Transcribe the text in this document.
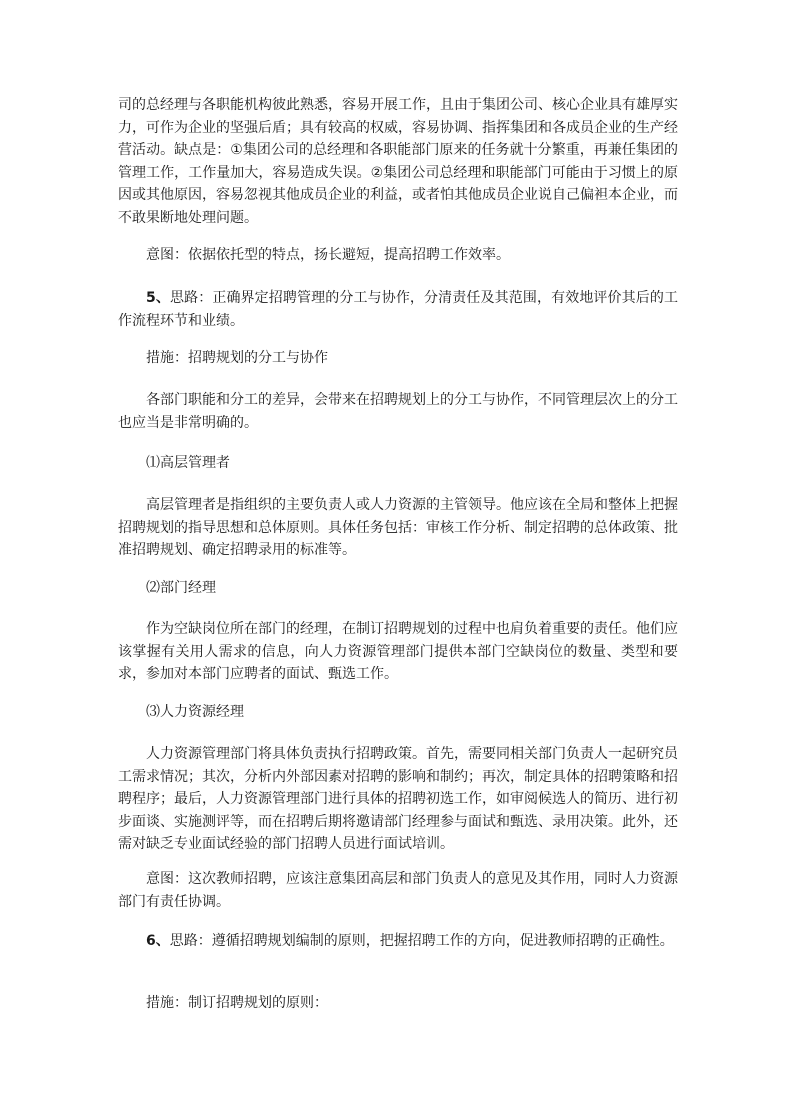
司的总经理与各职能机构彼此熟悉，容易开展工作，且由于集团公司、核心企业具有雄厚实力，可作为企业的坚强后盾；具有较高的权威，容易协调、指挥集团和各成员企业的生产经营活动。缺点是：①集团公司的总经理和各职能部门原来的任务就十分繁重，再兼任集团的管理工作，工作量加大，容易造成失误。②集团公司总经理和职能部门可能由于习惯上的原因或其他原因，容易忽视其他成员企业的利益，或者怕其他成员企业说自己偏袒本企业，而不敢果断地处理问题。

意图：依据依托型的特点，扬长避短，提高招聘工作效率。

5、思路：正确界定招聘管理的分工与协作，分清责任及其范围，有效地评价其后的工作流程环节和业绩。

措施：招聘规划的分工与协作

各部门职能和分工的差异，会带来在招聘规划上的分工与协作，不同管理层次上的分工也应当是非常明确的。

⑴高层管理者

高层管理者是指组织的主要负责人或人力资源的主管领导。他应该在全局和整体上把握招聘规划的指导思想和总体原则。具体任务包括：审核工作分析、制定招聘的总体政策、批准招聘规划、确定招聘录用的标准等。

⑵部门经理

作为空缺岗位所在部门的经理，在制订招聘规划的过程中也肩负着重要的责任。他们应该掌握有关用人需求的信息，向人力资源管理部门提供本部门空缺岗位的数量、类型和要求，参加对本部门应聘者的面试、甄选工作。

⑶人力资源经理

人力资源管理部门将具体负责执行招聘政策。首先，需要同相关部门负责人一起研究员工需求情况；其次，分析内外部因素对招聘的影响和制约；再次，制定具体的招聘策略和招聘程序；最后，人力资源管理部门进行具体的招聘初选工作，如审阅候选人的简历、进行初步面谈、实施测评等，而在招聘后期将邀请部门经理参与面试和甄选、录用决策。此外，还需对缺乏专业面试经验的部门招聘人员进行面试培训。

意图：这次教师招聘，应该注意集团高层和部门负责人的意见及其作用，同时人力资源部门有责任协调。

6、思路：遵循招聘规划编制的原则，把握招聘工作的方向，促进教师招聘的正确性。

措施：制订招聘规划的原则：
